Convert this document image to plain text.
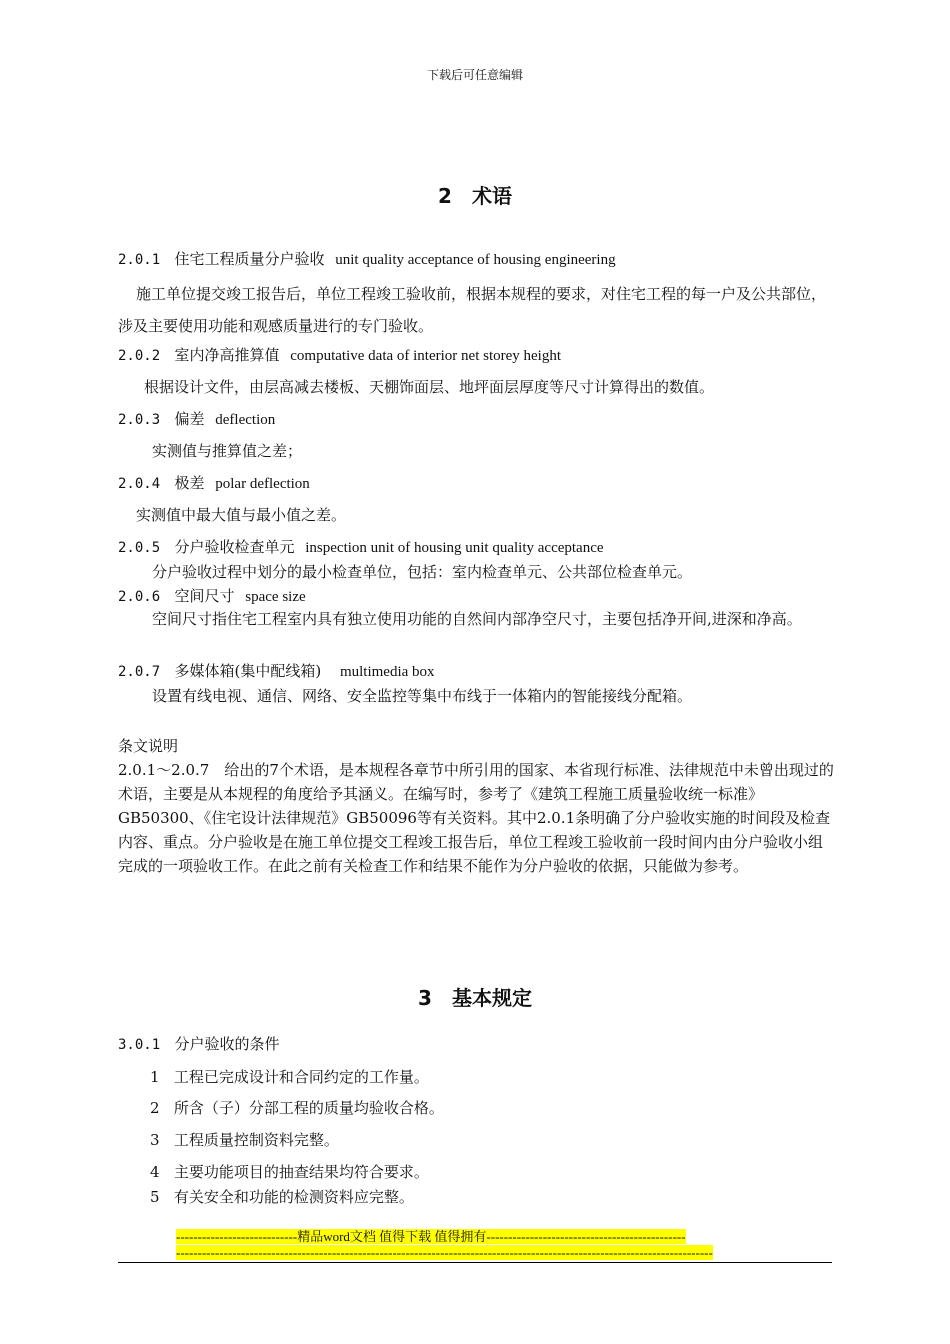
下载后可任意编辑
2　术语
2.0.1 住宅工程质量分户验收 unit quality acceptance of housing engineering
施工单位提交竣工报告后，单位工程竣工验收前，根据本规程的要求，对住宅工程的每一户及公共部位，涉及主要使用功能和观感质量进行的专门验收。
2.0.2 室内净高推算值 computative data of interior net storey height
根据设计文件，由层高减去楼板、天棚饰面层、地坪面层厚度等尺寸计算得出的数值。
2.0.3 偏差 deflection
实测值与推算值之差；
2.0.4 极差 polar deflection
实测值中最大值与最小值之差。
2.0.5 分户验收检查单元 inspection unit of housing unit quality acceptance
分户验收过程中划分的最小检查单位，包括：室内检查单元、公共部位检查单元。
2.0.6 空间尺寸 space size
空间尺寸指住宅工程室内具有独立使用功能的自然间内部净空尺寸，主要包括净开间,进深和净高。
2.0.7 多媒体箱(集中配线箱) multimedia box
设置有线电视、通信、网络、安全监控等集中布线于一体箱内的智能接线分配箱。
条文说明
2.0.1～2.0.7　给出的7个术语，是本规程各章节中所引用的国家、本省现行标准、法律规范中未曾出现过的术语，主要是从本规程的角度给予其涵义。在编写时，参考了《建筑工程施工质量验收统一标准》GB50300、《住宅设计法律规范》GB50096等有关资料。其中2.0.1条明确了分户验收实施的时间段及检查内容、重点。分户验收是在施工单位提交工程竣工报告后，单位工程竣工验收前一段时间内由分户验收小组完成的一项验收工作。在此之前有关检查工作和结果不能作为分户验收的依据，只能做为参考。
3　基本规定
3.0.1 分户验收的条件
1 工程已完成设计和合同约定的工作量。
2 所含（子）分部工程的质量均验收合格。
3 工程质量控制资料完整。
4 主要功能项目的抽查结果均符合要求。
5 有关安全和功能的检测资料应完整。
----------------------------精品word文档 值得下载 值得拥有----------------------------------------------
----------------------------------------------------------------------------------------------------------------------------
